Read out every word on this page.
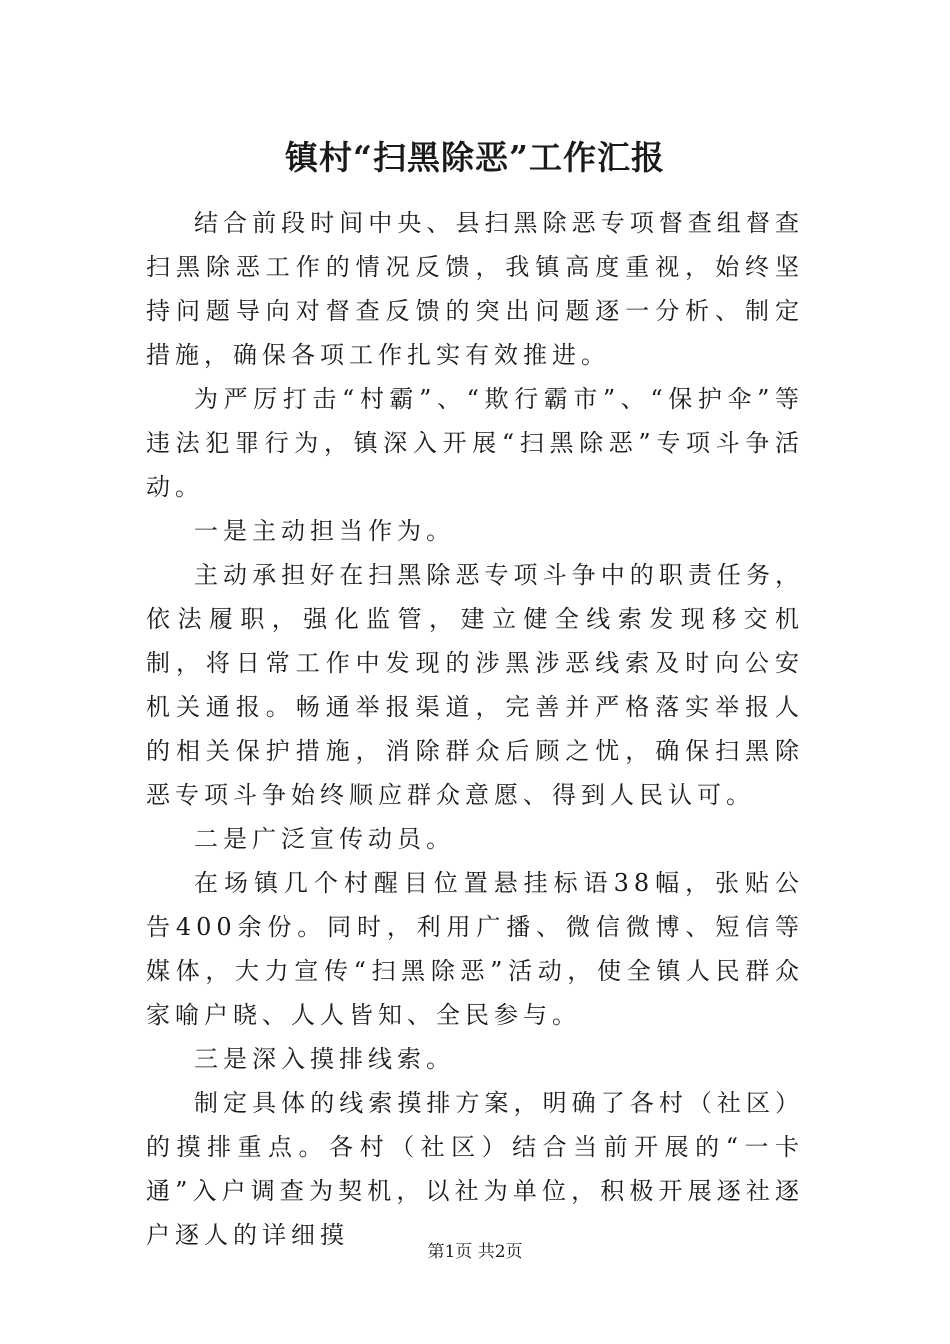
镇村“扫黑除恶”工作汇报

结合前段时间中央、县扫黑除恶专项督查组督查扫黑除恶工作的情况反馈，我镇高度重视，始终坚持问题导向对督查反馈的突出问题逐一分析、制定措施，确保各项工作扎实有效推进。

为严厉打击“村霸”、“欺行霸市”、“保护伞”等违法犯罪行为，镇深入开展“扫黑除恶”专项斗争活动。

一是主动担当作为。

主动承担好在扫黑除恶专项斗争中的职责任务，依法履职，强化监管，建立健全线索发现移交机制，将日常工作中发现的涉黑涉恶线索及时向公安机关通报。畅通举报渠道，完善并严格落实举报人的相关保护措施，消除群众后顾之忧，确保扫黑除恶专项斗争始终顺应群众意愿、得到人民认可。

二是广泛宣传动员。

在场镇几个村醒目位置悬挂标语38幅，张贴公告400余份。同时，利用广播、微信微博、短信等媒体，大力宣传“扫黑除恶”活动，使全镇人民群众家喻户晓、人人皆知、全民参与。

三是深入摸排线索。

制定具体的线索摸排方案，明确了各村（社区）的摸排重点。各村（社区）结合当前开展的“一卡通”入户调查为契机，以社为单位，积极开展逐社逐户逐人的详细摸

第1页 共2页
